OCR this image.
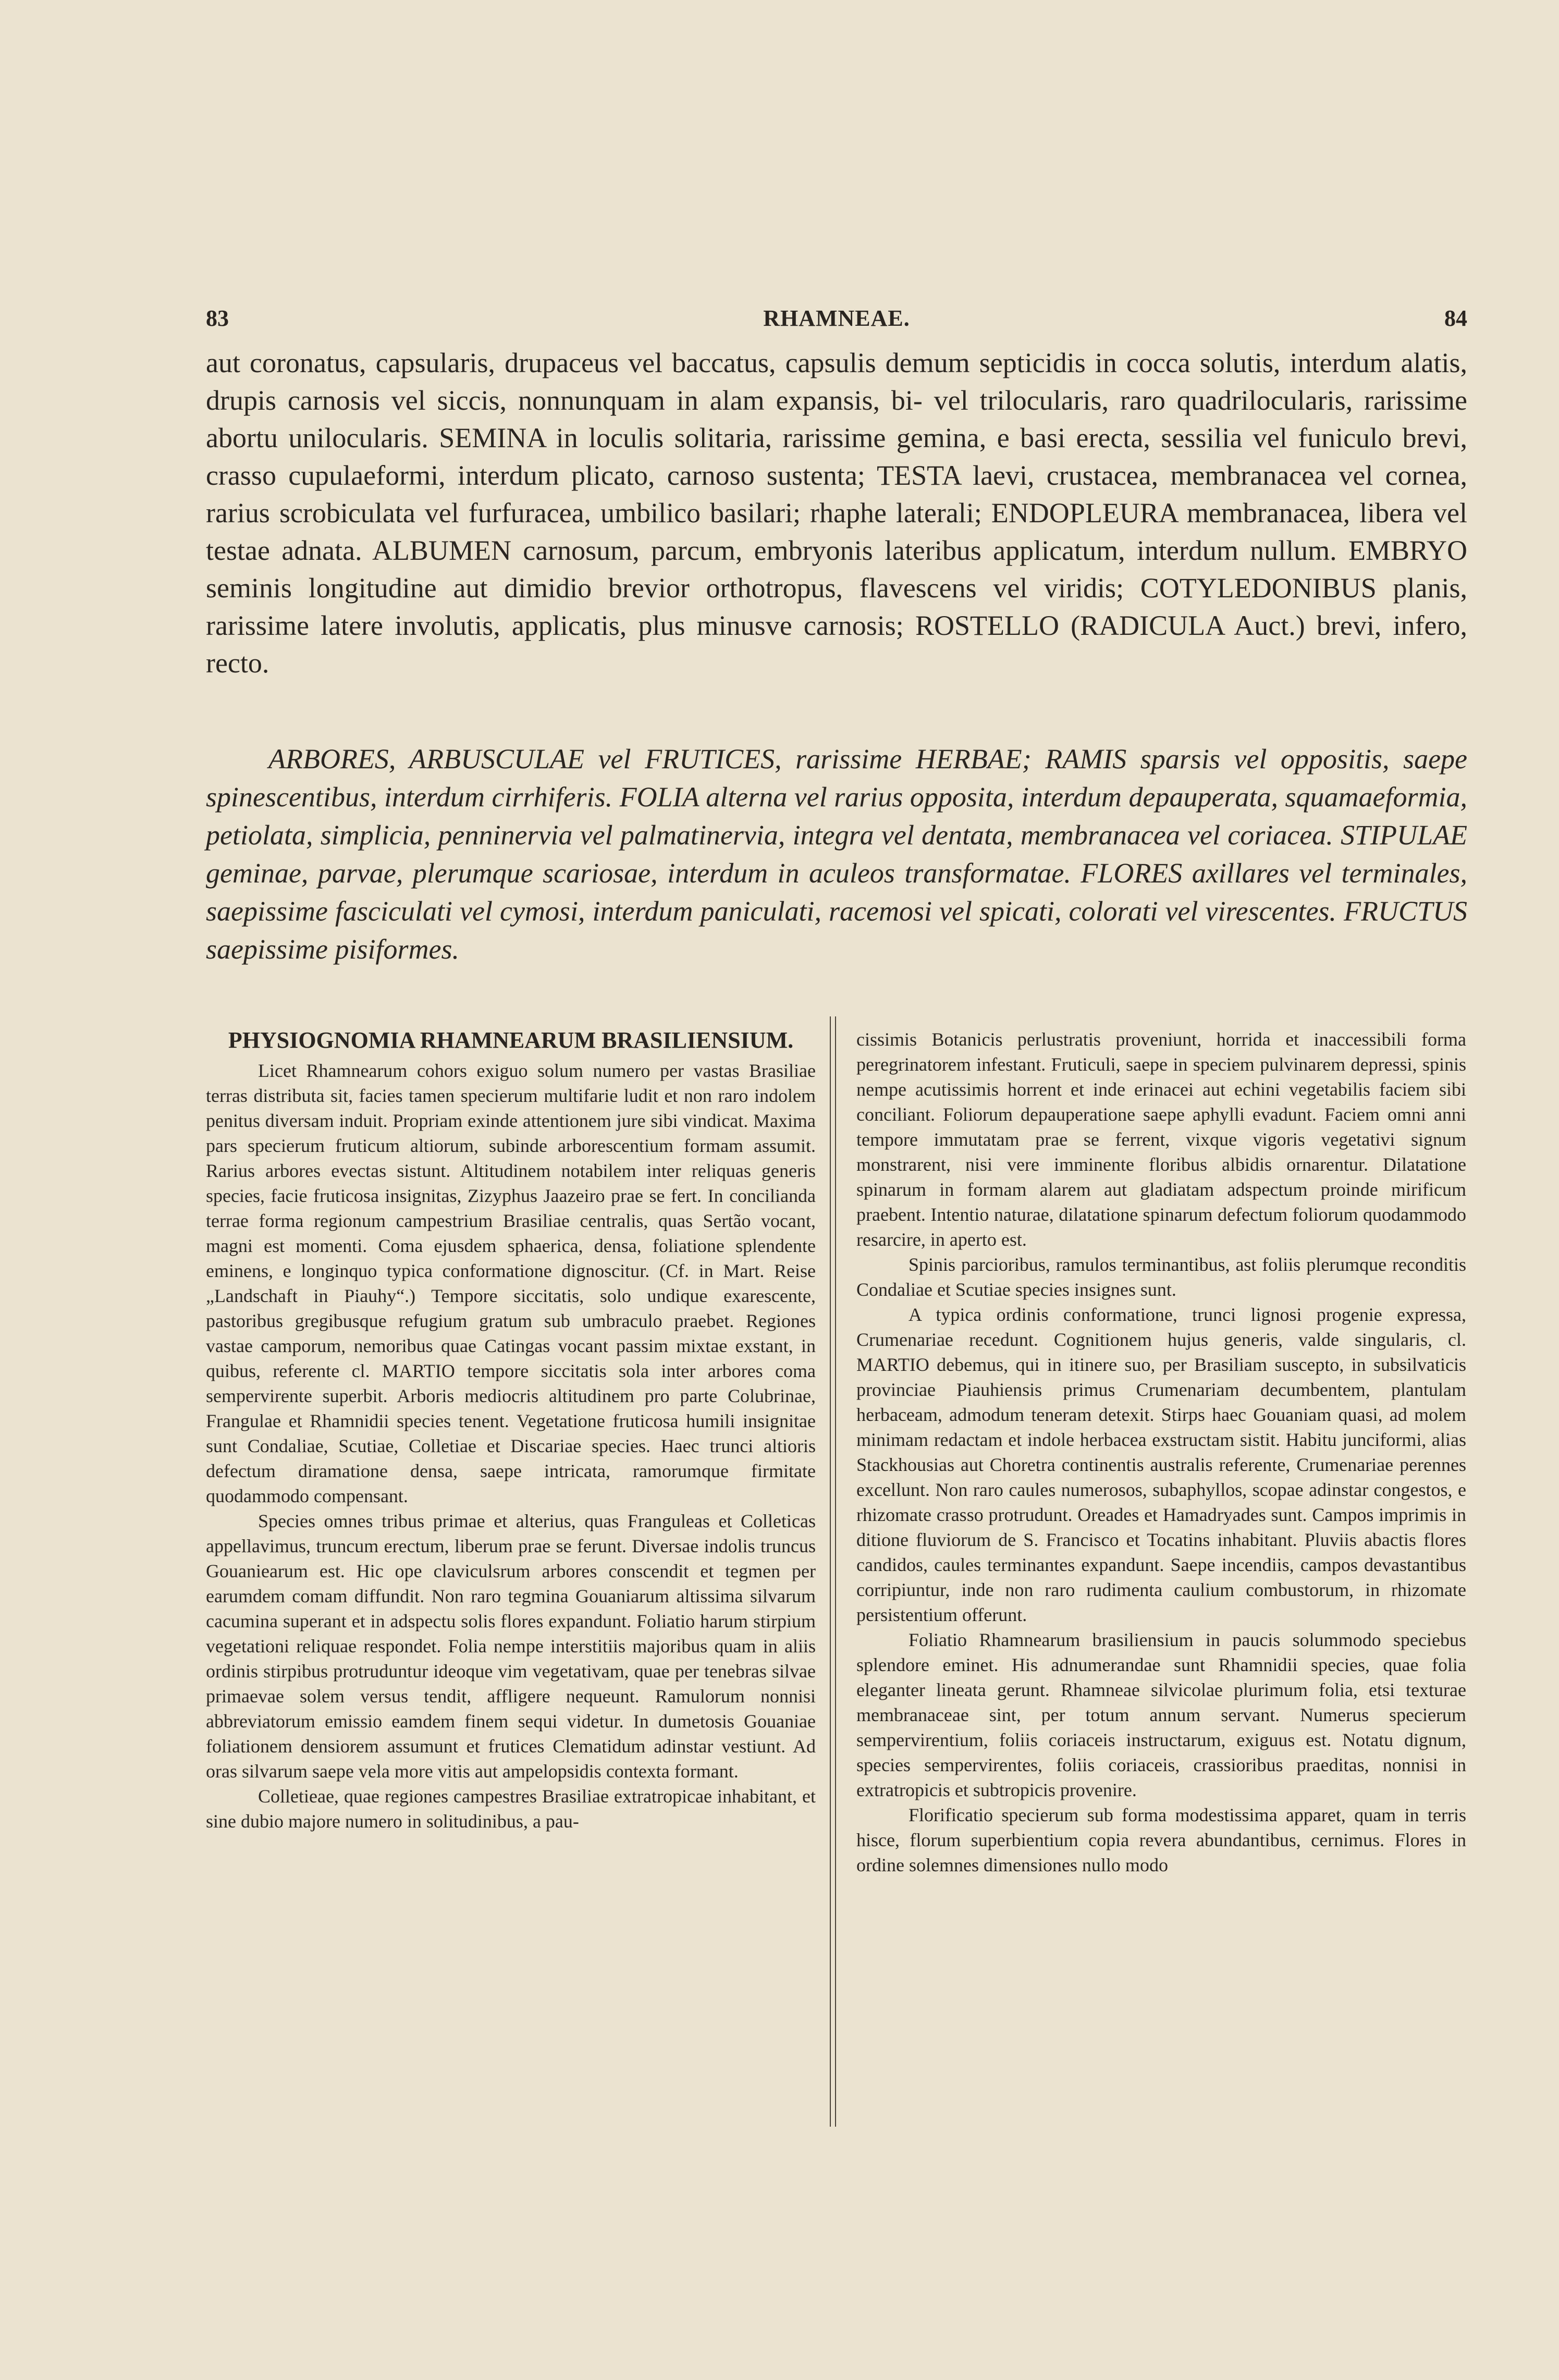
83	RHAMNEAE.	84

aut coronatus, capsularis, drupaceus vel baccatus, capsulis demum septicidis in cocca solutis, interdum alatis, drupis carnosis vel siccis, nonnunquam in alam expansis, bi- vel trilocularis, raro quadrilocularis, rarissime abortu unilocularis. SEMINA in loculis solitaria, rarissime gemina, e basi erecta, sessilia vel funiculo brevi, crasso cupulaeformi, interdum plicato, carnoso sustenta; TESTA laevi, crustacea, membranacea vel cornea, rarius scrobiculata vel furfuracea, umbilico basilari; rhaphe laterali; ENDOPLEURA membranacea, libera vel testae adnata. ALBUMEN carnosum, parcum, embryonis lateribus applicatum, interdum nullum. EMBRYO seminis longitudine aut dimidio brevior orthotropus, flavescens vel viridis; COTYLEDONIBUS planis, rarissime latere involutis, applicatis, plus minusve carnosis; ROSTELLO (RADICULA Auct.) brevi, infero, recto.

ARBORES, ARBUSCULAE vel FRUTICES, rarissime HERBAE; RAMIS sparsis vel oppositis, saepe spinescentibus, interdum cirrhiferis. FOLIA alterna vel rarius opposita, interdum depauperata, squamaeformia, petiolata, simplicia, penninervia vel palmatinervia, integra vel dentata, membranacea vel coriacea. STIPULAE geminae, parvae, plerumque scariosae, interdum in aculeos transformatae. FLORES axillares vel terminales, saepissime fasciculati vel cymosi, interdum paniculati, racemosi vel spicati, colorati vel virescentes. FRUCTUS saepissime pisiformes.

PHYSIOGNOMIA RHAMNEARUM BRASILIENSIUM.

Licet Rhamnearum cohors exiguo solum numero per vastas Brasiliae terras distributa sit, facies tamen specierum multifarie ludit et non raro indolem penitus diversam induit. Propriam exinde attentionem jure sibi vindicat. Maxima pars specierum fruticum altiorum, subinde arborescentium formam assumit. Rarius arbores evectas sistunt. Altitudinem notabilem inter reliquas generis species, facie fruticosa insignitas, Zizyphus Jaazeiro prae se fert. In concilianda terrae forma regionum campestrium Brasiliae centralis, quas Sertão vocant, magni est momenti. Coma ejusdem sphaerica, densa, foliatione splendente eminens, e longinquo typica conformatione dignoscitur. (Cf. in Mart. Reise „Landschaft in Piauhy“.) Tempore siccitatis, solo undique exarescente, pastoribus gregibusque refugium gratum sub umbraculo praebet. Regiones vastae camporum, nemoribus quae Catingas vocant passim mixtae exstant, in quibus, referente cl. MARTIO tempore siccitatis sola inter arbores coma sempervirente superbit. Arboris mediocris altitudinem pro parte Colubrinae, Frangulae et Rhamnidii species tenent. Vegetatione fruticosa humili insignitae sunt Condaliae, Scutiae, Colletiae et Discariae species. Haec trunci altioris defectum diramatione densa, saepe intricata, ramorumque firmitate quodammodo compensant.

Species omnes tribus primae et alterius, quas Franguleas et Colleticas appellavimus, truncum erectum, liberum prae se ferunt. Diversae indolis truncus Gouaniearum est. Hic ope claviculsrum arbores conscendit et tegmen per earumdem comam diffundit. Non raro tegmina Gouaniarum altissima silvarum cacumina superant et in adspectu solis flores expandunt. Foliatio harum stirpium vegetationi reliquae respondet. Folia nempe interstitiis majoribus quam in aliis ordinis stirpibus protruduntur ideoque vim vegetativam, quae per tenebras silvae primaevae solem versus tendit, affligere nequeunt. Ramulorum nonnisi abbreviatorum emissio eamdem finem sequi videtur. In dumetosis Gouaniae foliationem densiorem assumunt et frutices Clematidum adinstar vestiunt. Ad oras silvarum saepe vela more vitis aut ampelopsidis contexta formant.

Colletieae, quae regiones campestres Brasiliae extratropicae inhabitant, et sine dubio majore numero in solitudinibus, a pau-

cissimis Botanicis perlustratis proveniunt, horrida et inaccessibili forma peregrinatorem infestant. Fruticuli, saepe in speciem pulvinarem depressi, spinis nempe acutissimis horrent et inde erinacei aut echini vegetabilis faciem sibi conciliant. Foliorum depauperatione saepe aphylli evadunt. Faciem omni anni tempore immutatam prae se ferrent, vixque vigoris vegetativi signum monstrarent, nisi vere imminente floribus albidis ornarentur. Dilatatione spinarum in formam alarem aut gladiatam adspectum proinde mirificum praebent. Intentio naturae, dilatatione spinarum defectum foliorum quodammodo resarcire, in aperto est.

Spinis parcioribus, ramulos terminantibus, ast foliis plerumque reconditis Condaliae et Scutiae species insignes sunt.

A typica ordinis conformatione, trunci lignosi progenie expressa, Crumenariae recedunt. Cognitionem hujus generis, valde singularis, cl. MARTIO debemus, qui in itinere suo, per Brasiliam suscepto, in subsilvaticis provinciae Piauhiensis primus Crumenariam decumbentem, plantulam herbaceam, admodum teneram detexit. Stirps haec Gouaniam quasi, ad molem minimam redactam et indole herbacea exstructam sistit. Habitu junciformi, alias Stackhousias aut Choretra continentis australis referente, Crumenariae perennes excellunt. Non raro caules numerosos, subaphyllos, scopae adinstar congestos, e rhizomate crasso protrudunt. Oreades et Hamadryades sunt. Campos imprimis in ditione fluviorum de S. Francisco et Tocatins inhabitant. Pluviis abactis flores candidos, caules terminantes expandunt. Saepe incendiis, campos devastantibus corripiuntur, inde non raro rudimenta caulium combustorum, in rhizomate persistentium offerunt.

Foliatio Rhamnearum brasiliensium in paucis solummodo speciebus splendore eminet. His adnumerandae sunt Rhamnidii species, quae folia eleganter lineata gerunt. Rhamneae silvicolae plurimum folia, etsi texturae membranaceae sint, per totum annum servant. Numerus specierum sempervirentium, foliis coriaceis instructarum, exiguus est. Notatu dignum, species sempervirentes, foliis coriaceis, crassioribus praeditas, nonnisi in extratropicis et subtropicis provenire.

Florificatio specierum sub forma modestissima apparet, quam in terris hisce, florum superbientium copia revera abundantibus, cernimus. Flores in ordine solemnes dimensiones nullo modo
